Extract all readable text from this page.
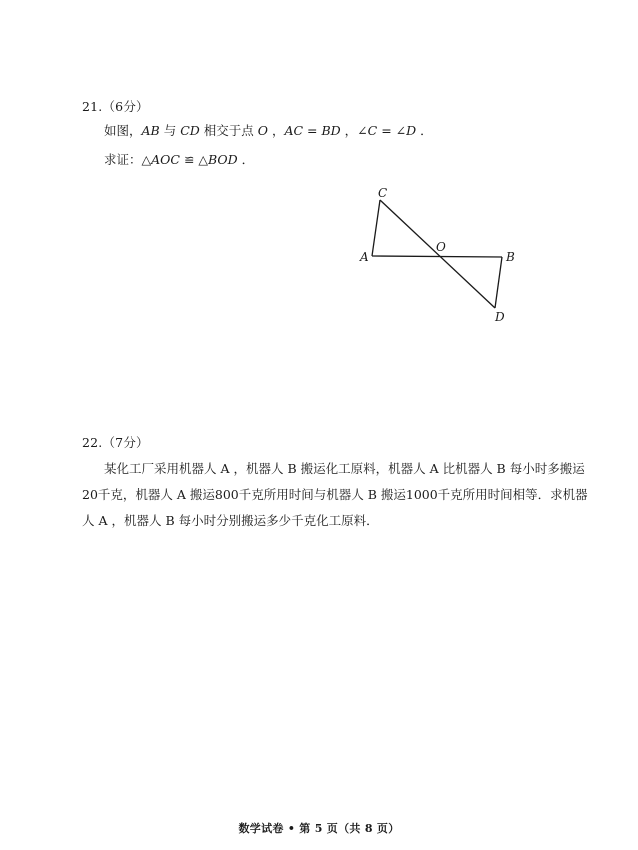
21.（6分）
如图，AB 与 CD 相交于点 O ，AC = BD ，∠C = ∠D ．
求证：△AOC ≌ △BOD ．
C
O
A	B
D
22.（7分）

某化工厂采用机器人 A ，机器人 B 搬运化工原料，机器人 A 比机器人 B 每小时多搬运

20千克，机器人 A 搬运800千克所用时间与机器人 B 搬运1000千克所用时间相等．求机器

人 A ，机器人 B 每小时分别搬运多少千克化工原料．

数学试卷 • 第 5 页（共 8 页）
